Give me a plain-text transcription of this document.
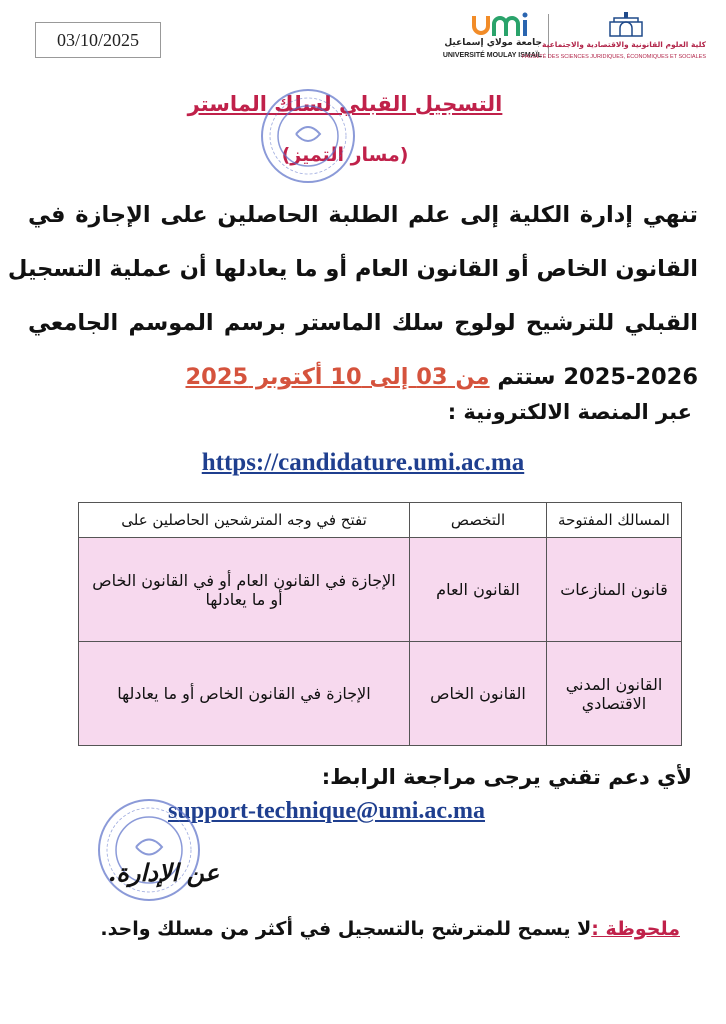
03/10/2025	جامعة مولاي إسماعيل
UNIVERSITÉ MOULAY ISMAÏL
كلية العلوم القانونية والاقتصادية والاجتماعية
FACULTÉ DES SCIENCES JURIDIQUES, ÉCONOMIQUES ET SOCIALES
التسجيل القبلي لسلك الماستر
(مسار التميز)

تنهي إدارة الكلية إلى علم الطلبة الحاصلين على الإجازة في

القانون الخاص أو القانون العام أو ما يعادلها أن عملية التسجيل

القبلي للترشيح لولوج سلك الماستر برسم الموسم الجامعي

2025-2026 ستتم من 03 إلى 10 أكتوبر 2025

عبر المنصة الالكترونية :
https://candidature.umi.ac.ma
المسالك المفتوحة	التخصص	تفتح في وجه المترشحين الحاصلين على
قانون المنازعات	القانون العام	الإجازة في القانون العام أو في القانون الخاص أو ما يعادلها
القانون المدني الاقتصادي	القانون الخاص	الإجازة في القانون الخاص أو ما يعادلها
لأي دعم تقني يرجى مراجعة الرابط:
support-technique@umi.ac.ma
عن الإدارة.
ملحوظة :لا يسمح للمترشح بالتسجيل في أكثر من مسلك واحد.
